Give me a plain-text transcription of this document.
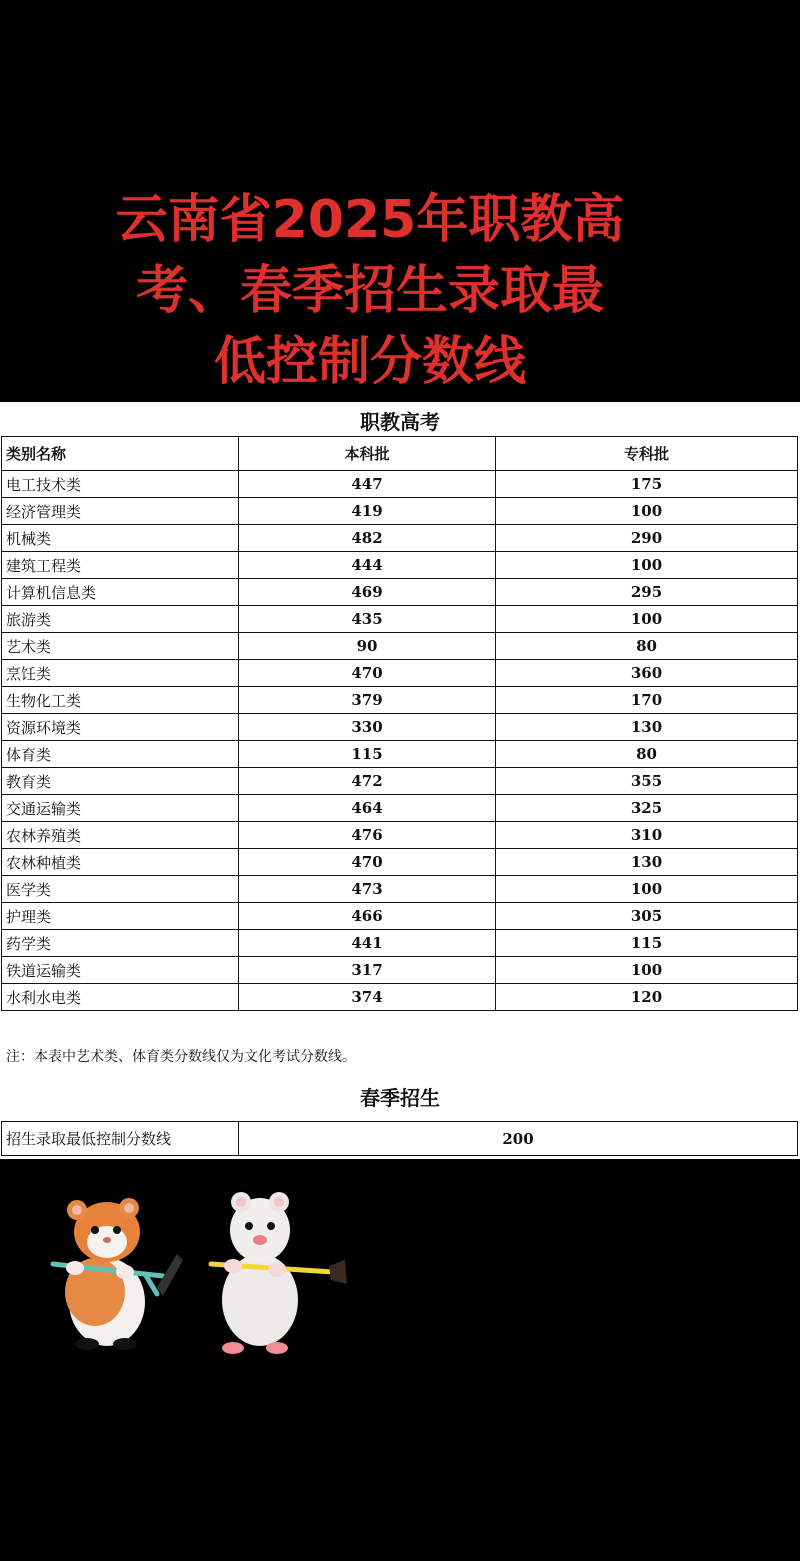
云南省2025年职教高
考、春季招生录取最
低控制分数线
职教高考
类别名称	本科批	专科批
电工技术类	447	175
经济管理类	419	100
机械类	482	290
建筑工程类	444	100
计算机信息类	469	295
旅游类	435	100
艺术类	90	80
烹饪类	470	360
生物化工类	379	170
资源环境类	330	130
体育类	115	80
教育类	472	355
交通运输类	464	325
农林养殖类	476	310
农林种植类	470	130
医学类	473	100
护理类	466	305
药学类	441	115
铁道运输类	317	100
水利水电类	374	120
注：本表中艺术类、体育类分数线仅为文化考试分数线。
春季招生
招生录取最低控制分数线	200
